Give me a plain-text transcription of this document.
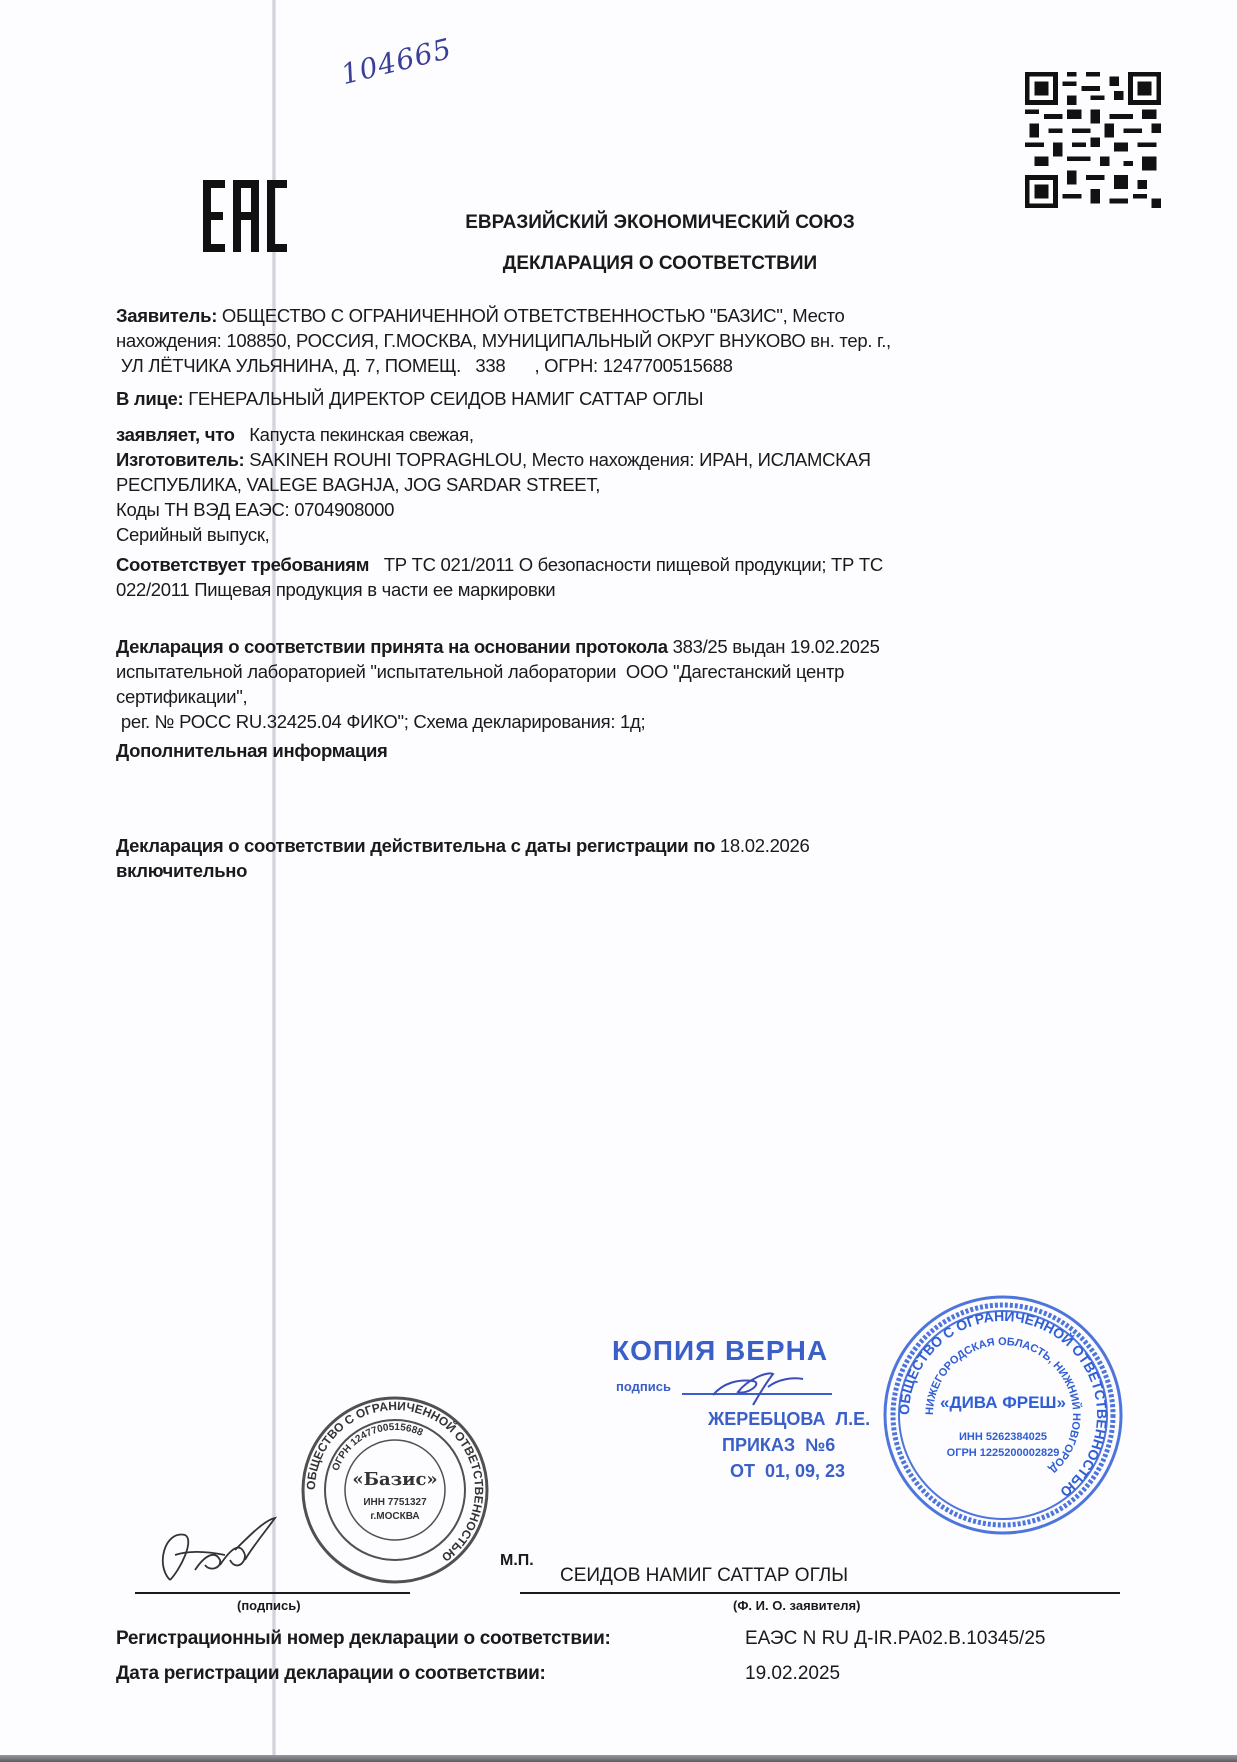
104665
ЕВРАЗИЙСКИЙ ЭКОНОМИЧЕСКИЙ СОЮЗ
ДЕКЛАРАЦИЯ О СООТВЕТСТВИИ

Заявитель: ОБЩЕСТВО С ОГРАНИЧЕННОЙ ОТВЕТСТВЕННОСТЬЮ "БАЗИС", Место

нахождения: 108850, РОССИЯ, Г.МОСКВА, МУНИЦИПАЛЬНЫЙ ОКРУГ ВНУКОВО вн. тер. г.,

УЛ ЛЁТЧИКА УЛЬЯНИНА, Д. 7, ПОМЕЩ.   338      , ОГРН: 1247700515688

В лице: ГЕНЕРАЛЬНЫЙ ДИРЕКТОР СЕИДОВ НАМИГ САТТАР ОГЛЫ

заявляет, что   Капуста пекинская свежая,

Изготовитель: SAKINEH ROUHI TOPRAGHLOU, Место нахождения: ИРАН, ИСЛАМСКАЯ

РЕСПУБЛИКА, VALEGE BAGHJA, JOG SARDAR STREET,

Коды ТН ВЭД ЕАЭС: 0704908000

Серийный выпуск,

Соответствует требованиям   ТР ТС 021/2011 О безопасности пищевой продукции; ТР ТС

022/2011 Пищевая продукция в части ее маркировки

Декларация о соответствии принята на основании протокола 383/25 выдан 19.02.2025

испытательной лабораторией "испытательной лаборатории  ООО "Дагестанский центр

сертификации",

рег. № РОСС RU.32425.04 ФИКО"; Схема декларирования: 1д;

Дополнительная информация

Декларация о соответствии действительна с даты регистрации по 18.02.2026

включительно

КОПИЯ ВЕРНА
подпись
ЖЕРЕБЦОВА  Л.Е.
ПРИКАЗ  №6
ОТ  01, 09, 23
ОБЩЕСТВО С ОГРАНИЧЕННОЙ ОТВЕТСТВЕННОСТЬЮ
НИЖЕГОРОДСКАЯ ОБЛАСТЬ, НИЖНИЙ НОВГОРОД
«ДИВА ФРЕШ»
ИНН 5262384025
ОГРН 1225200002829
ОБЩЕСТВО С ОГРАНИЧЕННОЙ ОТВЕТСТВЕННОСТЬЮ
ОГРН 1247700515688
«Базис»
ИНН 7751327
г.МОСКВА
М.П.
СЕИДОВ НАМИГ САТТАР ОГЛЫ
(подпись)	(Ф. И. О. заявителя)
Регистрационный номер декларации о соответствии:	ЕАЭС N RU Д-IR.РА02.В.10345/25
Дата регистрации декларации о соответствии:	19.02.2025
